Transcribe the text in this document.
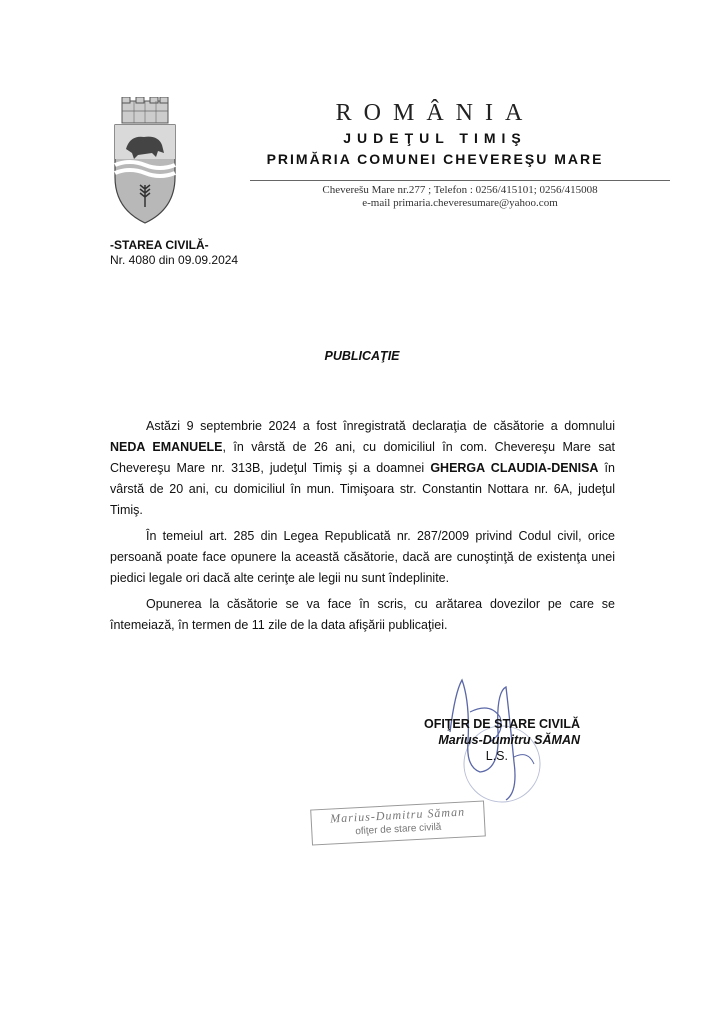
ROMÂNIA
JUDEŢUL TIMIŞ
PRIMĂRIA COMUNEI CHEVEREŞU MARE
Cheverešu Mare nr.277 ; Telefon : 0256/415101; 0256/415008
e-mail primaria.cheveresumare@yahoo.com
-STAREA CIVILĂ-
Nr. 4080 din 09.09.2024
PUBLICAŢIE

Astăzi 9 septembrie 2024 a fost înregistrată declaraţia de căsătorie a domnului NEDA EMANUELE, în vârstă de 26 ani, cu domiciliul în com. Chevereşu Mare sat Chevereşu Mare nr. 313B, judeţul Timiş şi a doamnei GHERGA CLAUDIA-DENISA în vârstă de 20 ani, cu domiciliul în mun. Timişoara str. Constantin Nottara nr. 6A, judeţul Timiş.

În temeiul art. 285 din Legea Republicată nr. 287/2009 privind Codul civil, orice persoană poate face opunere la această căsătorie, dacă are cunoştinţă de existenţa unei piedici legale ori dacă alte cerinţe ale legii nu sunt îndeplinite.

Opunerea la căsătorie se va face în scris, cu arătarea dovezilor pe care se întemeiază, în termen de 11 zile de la data afişării publicaţiei.

OFIŢER DE STARE CIVILĂ
Marius-Dumitru SĂMAN
L.S.
Marius-Dumitru Săman
ofiţer de stare civilă
